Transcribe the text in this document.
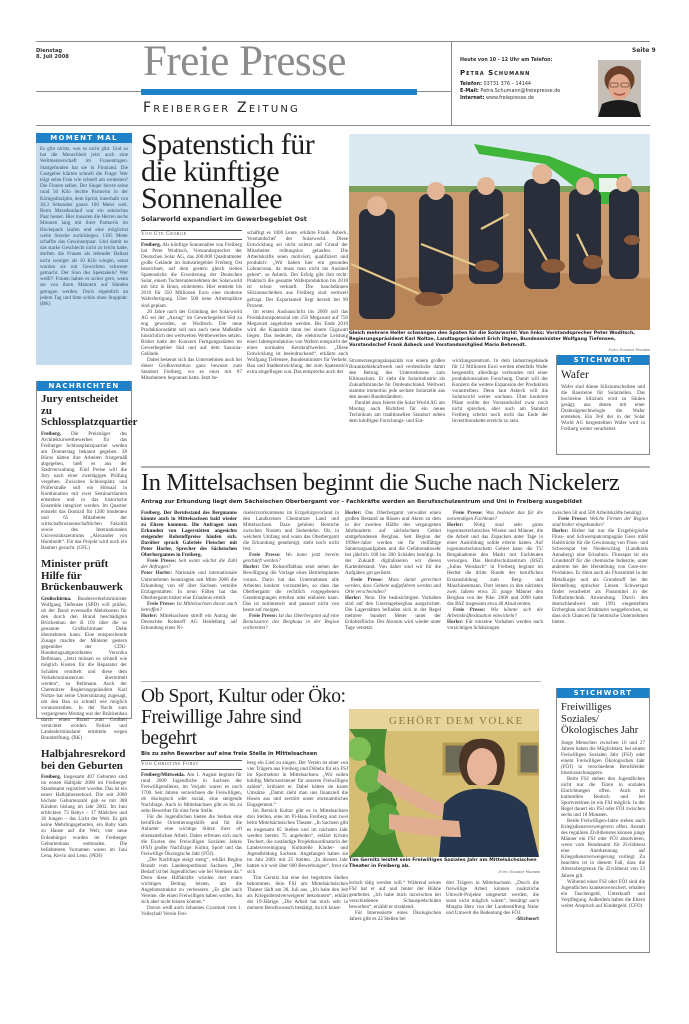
Dienstag
8. Juli 2008 Freie Presse
Freiberger Zeitung
Seite 9
Heute von 10 - 12 Uhr am Telefon:
Petra Schumann
Telefon: 03731 376 – 14144
E-Mail: Petra.Schumann@freiepresse.de
Internet: www.freiepresse.de
MOMENT MAL

Es gibt nichts, was es nicht gibt. Und so hat die Menschheit jetzt auch eine Weltmeisterschaft im Frauentragen. Stattgefunden hat sie in Finnland. Die Gastgeber klärten schnell die Frage: Wer trägt seine Frau wie schnell am weitesten? Die Finnen selber. Der Sieger hievte seine rund 50 Kilo leichte Partnerin in der Königsdisziplin, dem Sprint, innerhalb von 30,3 Sekunden ganze 100 Meter weit. Beim Marathonlauf war ein estnisches Paar besser. Hier mussten die Herren sechs Minuten lang mit ihrer Partnerin im Huckepack laufen und eine möglichst weite Strecke zurücklegen. 1185 Meter schaffte das Gewinnerpaar. Und damit es das starke Geschlecht nicht zu leicht hatte, durften die Frauen als lebender Ballast nicht weniger als 50 Kilo wiegen, sonst wurden sie mit Gewichten schwerer gemacht. Der Sinn des Spektakels? Wer weiß?! Frauen haben es sicher gern, wenn sie von ihren Männern auf Händen getragen werden. Doch eigentlich an jedem Tag und bitte schön ohne Stoppuhr. (BK)

NACHRICHTEN
Jury entscheidet zu Schlossplatzquartier

Freiberg. Die Preisträger des Architekturwettbewerbes für das Freiberger Schlossplatzquartier werden am Donnerstag bekannt gegeben. 38 Büros hätten ihre Arbeiten fristgemäß abgegeben, hieß es aus der Stadtverwaltung. Fünf Preise will die Jury nach einer zweitägigen Prüfung vergeben. Zwischen Schlossplatz und Prüferstraße soll ein Hörsaal in Kombination mit zwei Seminarräumen entstehen und in das historische Ensemble integriert werden. Im Quartier entsteht das Domizil für 1200 Studenten und 65 Mitarbeiter der wirtschaftswissenschaftlichen Fakultät sowie des Internationalen Universitätszentrums „Alexander von Humboldt“. Für das Projekt wird noch ein Bauherr gesucht. (GFL)

Minister prüft Hilfe für Brückenbauwerk

Großschirma. Bundesverkehrsminister Wolfgang Tiefensee (SPD) will prüfen, ob der Bund eventuelle Mehrkosten für den durch den Brand beschädigten Brückenbau der B 101 über die so genannte Großschirmaer Delle übernehmen kann. Eine entsprechende Zusage machte der Minister gestern gegenüber der CDU-Bundestagsabgeordneten Veronika Bellmann. „Jetzt müssen so schnell wie möglich Kosten für die Reparatur der Schäden ermittelt und diese dem Verkehrsministerium übermittelt werden“, so Bellmann. Auch der Chemnitzer Regierungspräsident Karl Noltze hat seine Unterstützung zugesagt, um den Bau so schnell wie möglich voranzutreiben. In der Nacht zum vergangenen Montag war der Brückenbau durch einen Brand zum Großteil vernichtet worden. Polizei und Landeskriminalamt ermitteln wegen Brandstiftung. (BK)

Halbjahresrekord bei den Geburten

Freiberg. Insgesamt 407 Geburten sind im ersten Halbjahr 2008 im Freiberger Standesamt registriert worden. Das ist ein neuer Halbjahresrekord. Die seit 2000 höchste Geburtenzahl gab es mit 388 Kindern bislang im Jahr 2002. Im Juni erblickten 73 Babys – 37 Mädchen und 36 Jungen – das Licht der Welt. Es gab keine Mehrlingsgeburten, ein Baby kam zu Hause auf die Welt, vier neue Erdenbürger wurden im Freiberger Geburtenhaus entbunden. Die beliebtesten Vornamen waren im Juni Lena, Kevin und Lenn. (PEH)

Spatenstich für die künftige Sonnenallee
Solarworld expandiert im Gewerbegebiet Ost
Von Ute George

Freiberg. Als künftige Sonnenallee von Freiberg hat Peter Woditsch, Vorstandssprecher der Deutschen Solar AG, das 200.000 Quadratmeter große Gelände im Industriegebiet Freiberg Ost bezeichnet, auf dem gestern gleich sieben Spatenstiche die Erweiterung der Deutschen Solar, einem Tochterunternehmen der Solarworld mit Sitz in Bonn, einleiteten. Hier entsteht bis 2010 für 350 Millionen Euro eine moderne Waferfertigung. Über 500 neue Arbeitsplätze sind geplant.

20 Jahre nach der Gründung der Solarworld AG sei der „Anzug“ im Gewerbegebiet Süd zu eng geworden, so Woditsch. Die neue Produktionsstätte soll nun auch neue Maßstäbe hinsichtlich des weltweiten Wettbewerbes setzen. Bisher hatte der Konzern Fertigungsstätten im Gewerbegebiet Süd und auf dem Saxonia-Gelände.

Dabei bekennt sich das Unternehmen auch bei dieser Großinvestition ganz bewusst zum Standort Freiberg, wo es einst mit 87 Mitarbeitern begonnen hatte. Jetzt be-

schäftigt es 1000 Leute, erklärte Frank Asbeck, Vorstandschef der Solarworld. Diese Entwicklung sei nicht zuletzt auf Grund der Mitarbeiter reibungslos gelaufen. Die Arbeitskräfte seien motiviert, qualifiziert und produktiv. „Wir haben hier ein gesundes Lohnniveau, da muss man nicht ins Ausland gehen“, so Asbeck. Der Erfolg gibt ihm recht: Praktisch die gesamte Waferproduktion bis 2018 ist schon verkauft. Die hauchdünnen Siliziumscheiben aus Freiberg sind weltweit gefragt. Der Exportanteil liegt derzeit bei 90 Prozent.

Im ersten Ausbauschritt bis 2009 soll das Produktionspotenzial um 250 Megawatt auf 750 Megawatt angehoben werden. Bis Ende 2010 wird die Kapazität dann bei einem Gigawatt liegen. Das bedeutet, die elektrische Leistung einer Jahresproduktion von Wafern entspricht der eines normalen Kernkraftwerkes. „Diese Entwicklung ist beeindruckend“, erklärte auch Wolfgang Tiefensee, Bundesminister für Verkehr, Bau und Stadtentwicklung, der zum Spatenstich extra eingeflogen war. Das entspreche auch der

Gleich mehrere Heller schwangen den Spaten für die Solarworld: Von links: Vorstandsprecher Peter Woditsch, Regierungspräsident Karl Noltze, Landtagspräsident Erich Iltgen, Bundesminister Wolfgang Tiefensee, Vorstandschef Frank Asbeck und Vorstandsmitglied Mario Behrendt.
-Foto: Eckardt Mildner

Stromerzeugungskapazität von einem großen Braunkohlekraftwerk und verdeutliche damit den Beitrag des Unternehmens zum Klimaschutz. Er sieht die Solarindustrie als Zukunftsbranche für Ostdeutschland. Weltweit stamme immerhin jede sechste Solarzelle aus den neuen Bundesländern.

Parallel dazu feierte die Solar World AG am Montag auch Richtfest für ein neues Technikum am traditionellen Standort neben dem künftigen Forschungs- und Ent-

wicklungszentrum. In dem Industriegebäude für 12 Millionen Euro werden ebenfalls Wafer hergestellt, allerdings verbunden mit einer produktionsnahen Forschung. Damit will der Konzern die weitere Expansion der Produktion vorantreiben. Denn laut Asbeck will die Solarworld weiter wachsen. Über konkrete Pläne wollte der Vorstandschef zwar noch nicht sprechen, aber auch am Standort Freiberg scheint noch nicht das Ende der Investitionskette erreicht zu sein.

STICHWORT
Wafer

Wafer sind dünne Siliziumscheiben und die Bausteine für Solarzellen. Das hochreine Silizium wird zu Säulen gesägt, aus denen mit einer Drahtsägetechnologie die Wafer entstehen. Ein Teil der in der Solar World AG hergestellten Wafer wird in Freiberg weiter verarbeitet.

In Mittelsachsen beginnt die Suche nach Nickelerz
Antrag zur Erkundung liegt dem Sächsischen Oberbergamt vor – Fachkräfte werden an Berufsschulzentrum und Uni in Freiberg ausgebildet

Freiberg. Der Berufsstand des Bergmanns könnte auch in Mittelsachsen bald wieder zu Ehren kommen. Die Anfragen zum Erkunden von Lagerstätten angesichts steigender Rohstoffpreise häufen sich. Darüber sprach Gabriele Fleischer mit Peter Horler, Sprecher des Sächsischen Oberbergamtes in Freiberg.

Freie Presse: Seit wann wächst die Zahl der Anfragen?

Peter Horler: Nationale und internationale Unternehmen beantragten seit Mitte 2006 die Erkundung von elf über Sachsen verteilte Erzlagerstätten. In neun Fällen hat das Oberbergamt bisher eine Erlaubnis erteilt.

Freie Presse: Ist Mittelsachsen davon auch betroffen?

Horler: Mittelsachsen streift ein Antrag der Deutschen Rohstoff AG Heidelberg auf Erkundung eines Ni-

ckelerzvorkommens im Erzgebirgsvorland in den Landkreisen Chemnitzer Land und Mittelsachsen. Dazu gehören Bereiche zwischen Nossen und Siebenlehn. Ob, in welchem Umfang und wann das Oberbergamt die Erkundung genehmigt, steht noch nicht fest.

Freie Presse: Wo kann jetzt bereits geschürft werden?

Horler: Der Rohstoffabbau setzt neben der Bewilligung die Vorlage eines Betriebsplanes voraus. Darin hat das Unternehmen alle Arbeiten konkret vorzustellen, so dass das Oberbergamt die rechtlich vorgegebenen Genehmigungen erteilen oder einholen kann. Das ist zeitintensiv und passiert nicht von heute auf morgen.

Freie Presse: Ist das Oberbergamt auf eine Renaissance des Bergbaus in der Region vorbereitet?

Horler: Das Oberbergamt verwaltet einen großen Bestand an Rissen und Akten zu dem in der zweiten Hälfte des vergangenen Jahrhunderts auf sächsischem Gebiet stattgefundenen Bergbau. Seit Beginn der 1990er-Jahre werden sie für vielfältige Sanierungsaufgaben und die Gefahrenabwehr bei jährlich 100 bis 200 Schäden benötigt. In der Zukunft digitalisieren wir diesen Kartenbestand. Von daher sind wir für die Aufgaben gut gerüstet.

Freie Presse: Muss damit gerechnet werden, dass Gebiete aufgefahren werden und Orte verschwinden?

Horler: Nein. Die beabsichtigten Vorhaben sind auf den Untertagebergbau ausgerichtet. Die Lagerstätten befinden sich in der Regel mehrere hundert Meter unter der Erdoberfläche. Der Abraum wird wieder unter Tage versetzt.

Freie Presse: Was bedeutet das für die notwendigen Fachleute?

Horler: Nötig sind sehr gutes ingenieurtechnisches Wissen und Männer, die die Arbeit und das Zupacken unter Tage in einer Ausbildung solide erlernt haben. Auf ingenieurtechnischem Gebiet kann die TU Bergakademie den Markt mit Fachleuten versorgen. Das Berufsschulzentrum (BSZ) „Julius Weisbach“ in Freiberg beginnt im Herbst die dritte Runde der beruflichen Erstausbildung zum Berg- und Maschinenmann. Dort lernen in den nächsten zwei Jahren etwa 25 junge Männer den Bergbau von der Pike. 2006 und 2008 hatte das BSZ insgesamt etwa 40 Absolventen.

Freie Presse: Wie könnte sich die Arbeitskräftesituation entwickeln?

Horler: Für einzelne Vorhaben werden nach vorsichtigen Schätzungen

zwischen 50 und 500 Arbeitskräfte benötigt.

Freie Presse: Welche Firmen der Region sind bisher eingebunden?

Horler: Bisher hat nur die Erzgebirgische Fluss- und Schwerspatcompagnie Geos mbH Halsbrücke für die Gewinnung von Fluss- und Schwerspat bei Niederschlag (Landkreis Annaberg) eine Erlaubnis. Flussspat ist ein Grundstoff für die chemische Industrie, unter anderem bei der Herstellung von Gore-tex-Produkten. Er dient auch als Flussmittel in der Metallurgie und als Grundstoff bei der Herstellung optischer Linsen. Schwerspat findet verarbeitet als Flussmittel in der Tiefbohrtechnik Anwendung. Durch den deutschlandweit seit 1991 eingestellten Erzbergbau sind Strukturen weggebrochen, so dass sich Chancen für heimische Unternehmen bieten.

Ob Sport, Kultur oder Öko: Freiwillige Jahre sind begehrt
Bis zu zehn Bewerber auf eine freie Stelle in Mittelsachsen
Von Christine Forst

Freiberg/Mittweida. Am 1. August beginnt für rund 2000 Jugendliche in Sachsen der Freiwilligendienst, im Vorjahr waren es noch 1700. Seit Jahren verzeichnen die Freiwilligen, ob ökologisch oder sozial, eine steigende Nachfrage. Auch in Mittelsachsen gibt es bis zu zehn Bewerber für eine freie Stelle.

Für die Jugendlichen bieten die Stellen eine berufliche Orientierungshilfe und für die Anbieter eine wichtige Stütze ihrer oft ehrenamtlichen Arbeit. Dabei erfreuen sich auch die Exoten des Freiwilligen Sozialen Jahres (FSJ) großer Nachfrage: Kultur, Sport und das Freiwillige Ökologische Jahr (FÖJ).

„Die Nachfrage steigt stetig“, erklärt Regina Brandt vom Landessportbund Sachsen. „Der Bedarf ist bei Jugendlichen wie bei Vereinen da.“ Denn diese Hilfskräfte würden dort einen wichtigen Beitrag leisten, um die Angebotsstruktur zu verbessern. „Es gibt auch Vereine, die einen Freiwilligen haben wollen, ihn sich aber nicht leisten können.“

Davon weiß auch Johannes Gyarmati vom 1. Volleyball Verein Frei-

berg ein Lied zu singen. Der Verein ist einer von vier Trägern aus Freiberg und Döbeln für ein FSJ im Sportsektor in Mittelsachsen. „Wir sollen künftig Mehrwertsteuer für unseren Freiwilligen zahlen“, kritisiert er. Dabei hätten sie kaum Umsätze. „Damit zieht man uns finanziell die Hosen aus und zerstört unser ehrenamtliches Engagement.“

Im Bereich Kultur gibt es in Mittelsachsen drei Stellen, eine im Pi-Haus Freiberg und zwei beim Mittelsächsischen Theater. „In Sachsen gibt es insgesamt 65 Stellen und im nächsten Jahr werden bereits 75 angeboten“, erklärt Kristin Teichert, die zuständige Projektkoordinatorin der Landesvereinigung Kulturelle Kinder- und Jugendbildung Sachsen. Angefangen haben sie im Jahr 2001 mit 25 Stellen. „In diesem Jahr hatten wir weit über 600 Bewerbungen“, freut sie sich.

Tim Gernitz hat eine der begehrten Stellen bekommen. Sein FSJ am Mittelsächsischen Theater läuft am 30. Juli aus. „Ich habe den Job als Kriegsdienstverweigerer bekommen“, erklärt der 19-Jährige. „Die Arbeit hat mich sehr in meinem Berufswunsch bestätigt, da ich künst-

GEHÖRT DEM VOLKE
Tim Gernitz leistet sein Freiwilliges Soziales Jahr am Mittelsächsischen Theater in Freiberg ab.
-Foto: Eckardt Mildner

lerisch tätig werden will.“ Während seines FSJ hat er auf und hinter der Bühne gearbeitet. „Ich habe mich inzwischen bei verschiedenen Schauspielschulen beworben“, erzählt er strahlend.

Für Interessierte eines Ökologischen Jahres gibt es 22 Stellen bei

drei Trägern in Mittelsachsen. „Durch die freiwillige Arbeit können zusätzliche Umwelt-Projekte umgesetzt werden, die sonst nicht möglich wären“, bestätigt auch Margita Herz von der Landesstiftung Natur und Umwelt die Bedeutung des FÖJ.

–Stichwort
STICHWORT
Freiwilliges Soziales/ Ökologisches Jahr

Junge Menschen zwischen 16 und 27 Jahren haben die Möglichkeit, bei einem Freiwilligen Sozialen Jahr (FSJ) oder einem Freiwilligen Ökologischen Jahr (FÖJ) in verschiedene Berufsfelder hineinzuschnuppern.

Beim FSJ stehen den Jugendlichen nicht nur die Türen in sozialen Einrichtungen offen. Auch im kulturellen Bereich und bei Sportvereinen ist ein FSJ möglich. In der Regel dauert ein FSJ oder FÖJ zwischen sechs und 18 Monaten.

Beide Freiwilligen-Jahre stehen auch Kriegsdienstverweigerern offen. Anstatt des regulären Zivildienstes können junge Männer ein FSJ oder FÖJ absolvieren, wenn vom Bundesamt für Zivildienst eine Anerkennung auf Kriegsdienstverweigerung vorliegt. Zu beachten ist in diesem Fall, dass die Altersobergrenze für Zivildienst von 23 Jahren gilt.

Während eines FSJ oder FÖJ sind die Jugendlichen krankenversichert, erhalten ein Taschengeld, Unterkunft und Verpflegung. Außerdem haben die Eltern weiter Anspruch auf Kindergeld. (CFO)
